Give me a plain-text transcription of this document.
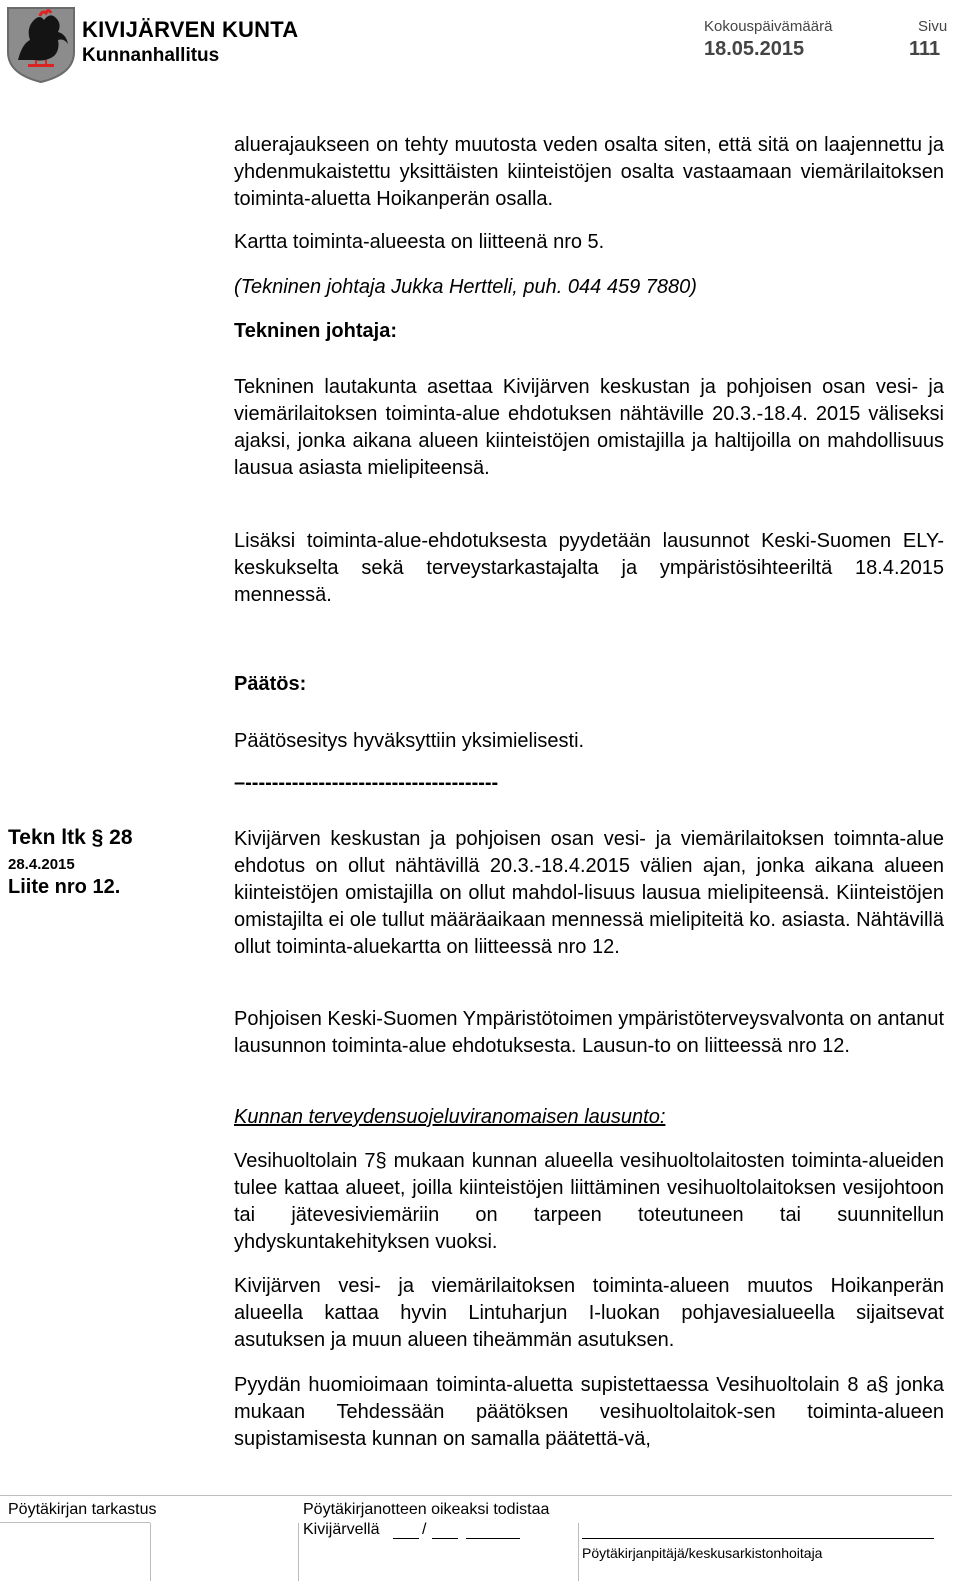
KIVIJÄRVEN KUNTA
Kunnanhallitus
Kokouspäivämäärä
18.05.2015
Sivu
111

aluerajaukseen on tehty muutosta veden osalta siten, että sitä on laajennettu ja yhdenmukaistettu yksittäisten kiinteistöjen osalta vastaamaan viemärilaitoksen toiminta-aluetta Hoikanperän osalla.

Kartta toiminta-alueesta on liitteenä nro 5.

(Tekninen johtaja Jukka Hertteli, puh. 044 459 7880)
Tekninen johtaja:

Tekninen lautakunta asettaa Kivijärven keskustan ja pohjoisen osan vesi- ja viemärilaitoksen toiminta-alue ehdotuksen nähtäville 20.3.-18.4. 2015 väliseksi ajaksi, jonka aikana alueen kiinteistöjen omistajilla ja haltijoilla on mahdollisuus lausua asiasta mielipiteensä.

Lisäksi toiminta-alue-ehdotuksesta pyydetään lausunnot Keski-Suomen ELY-keskukselta sekä terveystarkastajalta ja ympäristösihteeriltä 18.4.2015 mennessä.

Päätös:
Päätösesitys hyväksyttiin yksimielisesti.
–--------------------------------------
Tekn ltk § 28
28.4.2015
Liite nro 12.

Kivijärven keskustan ja pohjoisen osan vesi- ja viemärilaitoksen toimnta-alue ehdotus on ollut nähtävillä 20.3.-18.4.2015 välien ajan, jonka aikana alueen kiinteistöjen omistajilla on ollut mahdol-lisuus lausua mielipiteensä. Kiinteistöjen omistajilta ei ole tullut määräaikaan mennessä mielipiteitä ko. asiasta. Nähtävillä ollut toiminta-aluekartta on liitteessä nro 12.

Pohjoisen Keski-Suomen Ympäristötoimen ympäristöterveysvalvonta on antanut lausunnon toiminta-alue ehdotuksesta. Lausun-to on liitteessä nro 12.

Kunnan terveydensuojeluviranomaisen lausunto:

Vesihuoltolain 7§ mukaan kunnan alueella vesihuoltolaitosten toiminta-alueiden tulee kattaa alueet, joilla kiinteistöjen liittäminen vesihuoltolaitoksen vesijohtoon tai jätevesiviemäriin on tarpeen toteutuneen tai suunnitellun yhdyskuntakehityksen vuoksi.

Kivijärven vesi- ja viemärilaitoksen toiminta-alueen muutos Hoikanperän alueella kattaa hyvin Lintuharjun I-luokan pohjavesialueella sijaitsevat asutuksen ja muun alueen tiheämmän asutuksen.

Pyydän huomioimaan toiminta-aluetta supistettaessa Vesihuoltolain 8 a§ jonka mukaan Tehdessään päätöksen vesihuoltolaitok-sen toiminta-alueen supistamisesta kunnan on samalla päätettä-vä,

Pöytäkirjan tarkastus	Pöytäkirjanotteen oikeaksi todistaa
Kivijärvellä	/
Pöytäkirjanpitäjä/keskusarkistonhoitaja
